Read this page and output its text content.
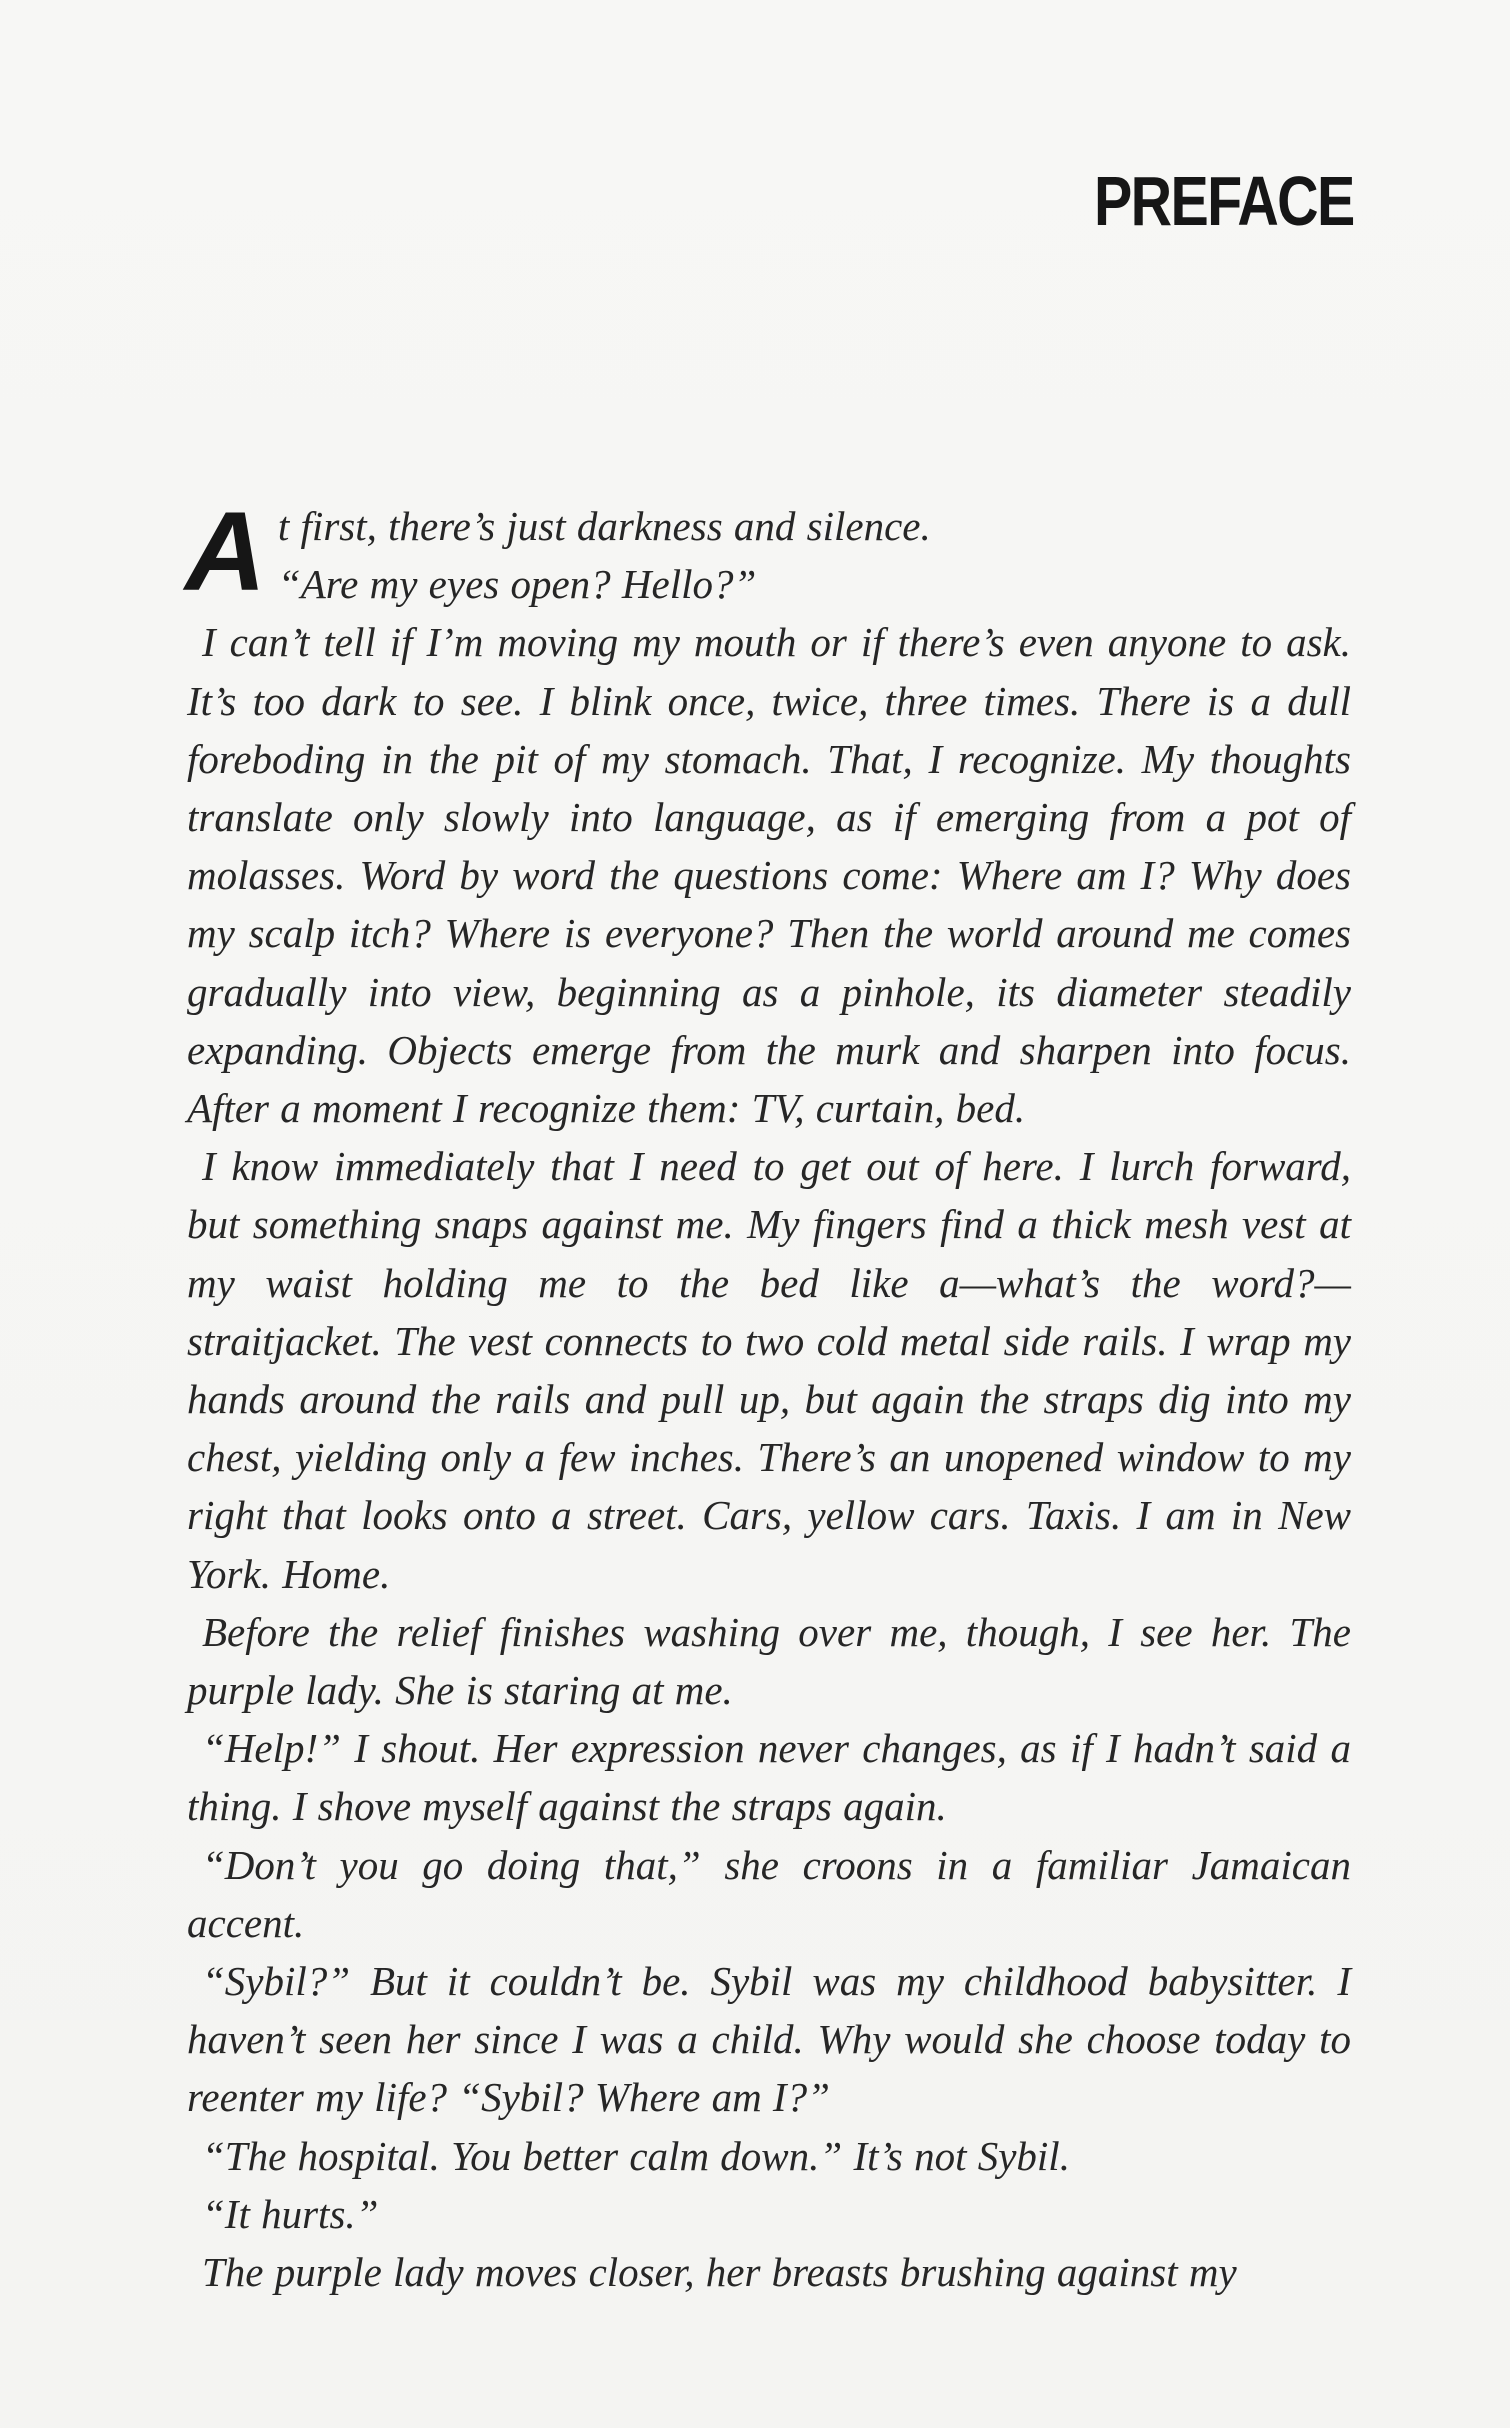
PREFACE

A t first, there’s just darkness and silence.
“Are my eyes open? Hello?”

I can’t tell if I’m moving my mouth or if there’s even anyone to ask. It’s too dark to see. I blink once, twice, three times. There is a dull foreboding in the pit of my stomach. That, I recognize. My thoughts translate only slowly into language, as if emerging from a pot of molasses. Word by word the questions come: Where am I? Why does my scalp itch? Where is everyone? Then the world around me comes gradually into view, beginning as a pinhole, its diameter steadily expanding. Objects emerge from the murk and sharpen into focus. After a moment I recognize them: TV, curtain, bed.

I know immediately that I need to get out of here. I lurch forward, but something snaps against me. My fingers find a thick mesh vest at my waist holding me to the bed like a—what’s the word?—straitjacket. The vest connects to two cold metal side rails. I wrap my hands around the rails and pull up, but again the straps dig into my chest, yielding only a few inches. There’s an unopened window to my right that looks onto a street. Cars, yellow cars. Taxis. I am in New York. Home.

Before the relief finishes washing over me, though, I see her. The purple lady. She is staring at me.

“Help!” I shout. Her expression never changes, as if I hadn’t said a thing. I shove myself against the straps again.

“Don’t you go doing that,” she croons in a familiar Jamaican accent.

“Sybil?” But it couldn’t be. Sybil was my childhood babysitter. I haven’t seen her since I was a child. Why would she choose today to reenter my life? “Sybil? Where am I?”

“The hospital. You better calm down.” It’s not Sybil.

“It hurts.”

The purple lady moves closer, her breasts brushing against my
